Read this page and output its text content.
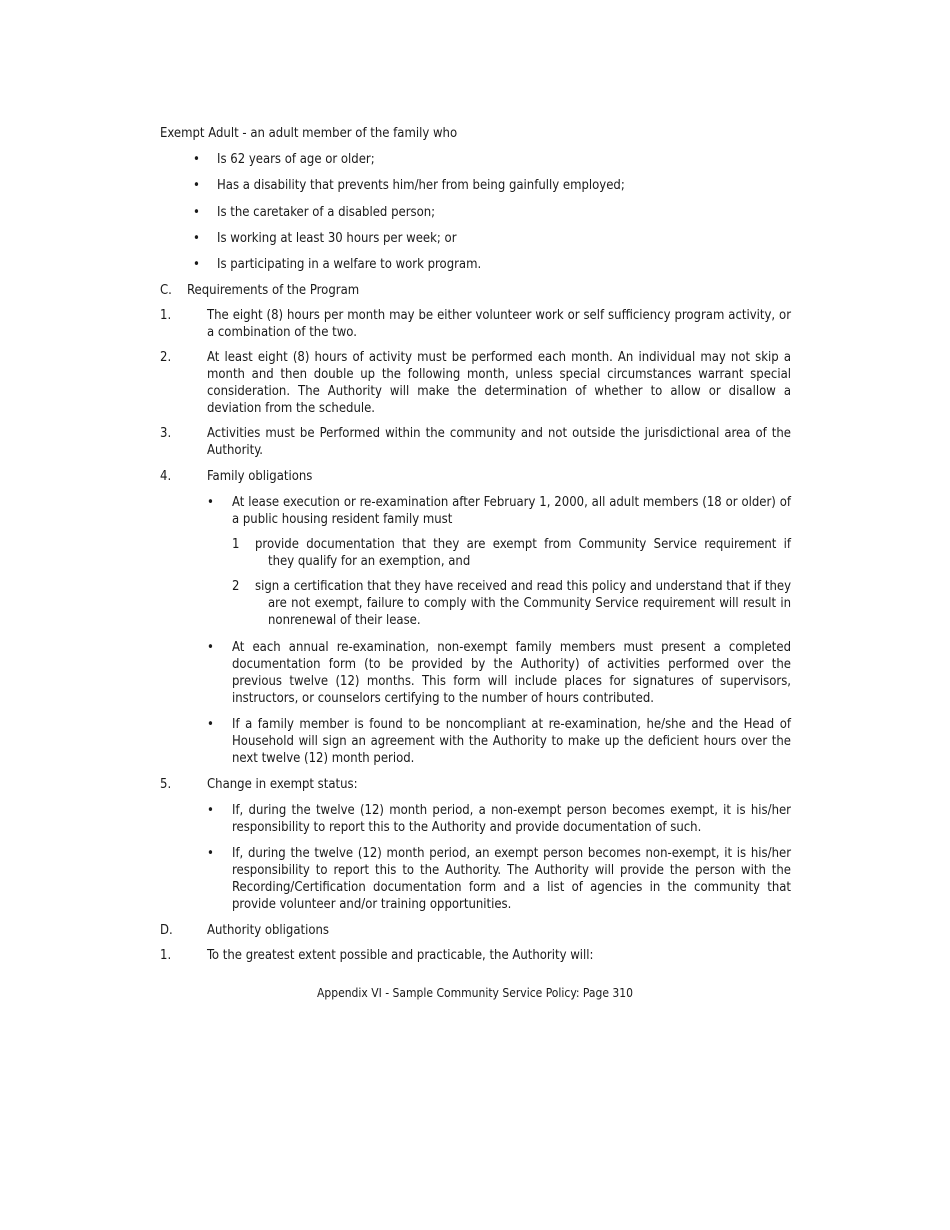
Exempt Adult - an adult member of the family who

• Is 62 years of age or older;

• Has a disability that prevents him/her from being gainfully employed;

• Is the caretaker of a disabled person;

• Is working at least 30 hours per week; or

• Is participating in a welfare to work program.

C. Requirements of the Program

1.	The eight (8) hours per month may be either volunteer work or self sufficiency program activity, or a combination of the two.

2.	At least eight (8) hours of activity must be performed each month. An individual may not skip a month and then double up the following month, unless special circumstances warrant special consideration. The Authority will make the determination of whether to allow or disallow a deviation from the schedule.

3.	Activities must be Performed within the community and not outside the jurisdictional area of the Authority.

4.	Family obligations

• At lease execution or re-examination after February 1, 2000, all adult members (18 or older) of a public housing resident family must

1 provide documentation that they are exempt from Community Service requirement if
they qualify for an exemption, and

2 sign a certification that they have received and read this policy and understand that if they
are not exempt, failure to comply with the Community Service requirement will result in nonrenewal of their lease.

• At each annual re-examination, non-exempt family members must present a completed documentation form (to be provided by the Authority) of activities performed over the previous twelve (12) months. This form will include places for signatures of supervisors, instructors, or counselors certifying to the number of hours contributed.

• If a family member is found to be noncompliant at re-examination, he/she and the Head of Household will sign an agreement with the Authority to make up the deficient hours over the next twelve (12) month period.

5.	Change in exempt status:

• If, during the twelve (12) month period, a non-exempt person becomes exempt, it is his/her responsibility to report this to the Authority and provide documentation of such.

• If, during the twelve (12) month period, an exempt person becomes non-exempt, it is his/her responsibility to report this to the Authority. The Authority will provide the person with the Recording/Certification documentation form and a list of agencies in the community that provide volunteer and/or training opportunities.

D.	Authority obligations

1.	To the greatest extent possible and practicable, the Authority will:

Appendix VI - Sample Community Service Policy: Page 310
